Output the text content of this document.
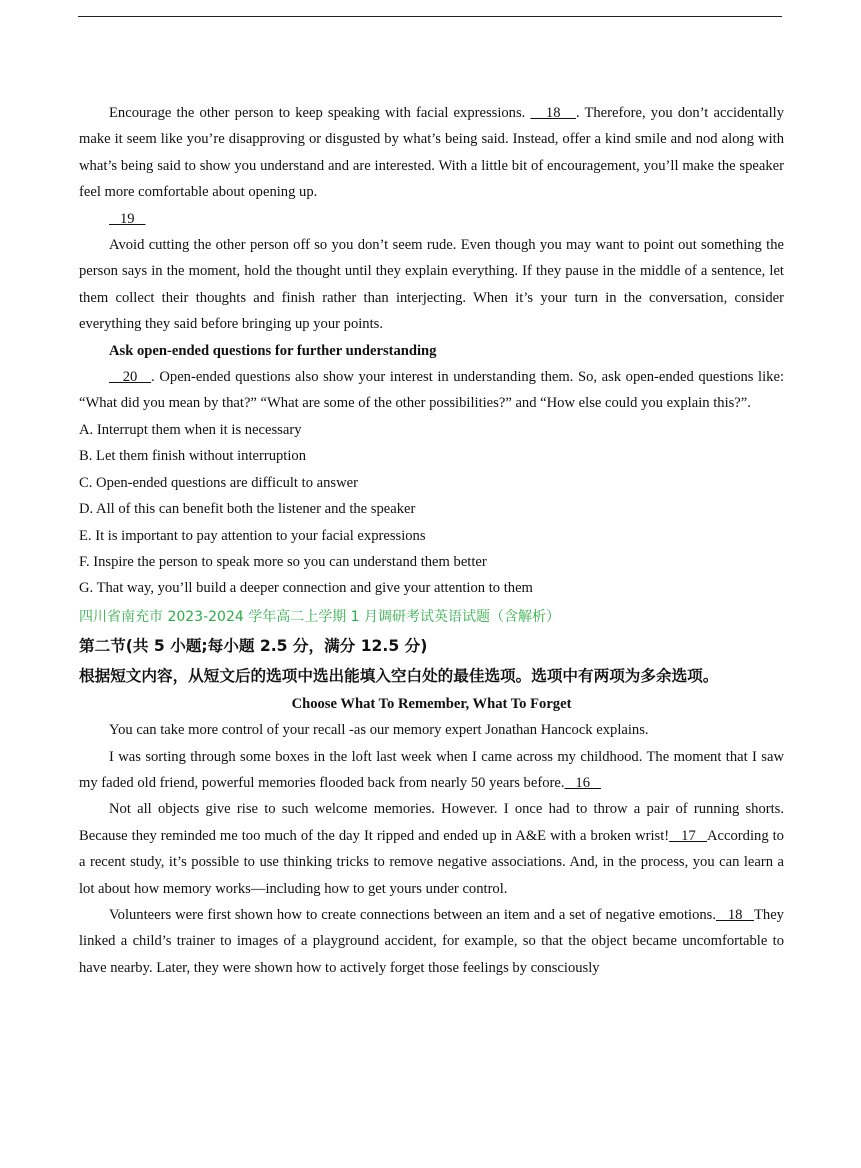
Encourage the other person to keep speaking with facial expressions.    18   . Therefore, you don’t accidentally make it seem like you’re disapproving or disgusted by what’s being said. Instead, offer a kind smile and nod along with what’s being said to show you understand and are interested. With a little bit of encouragement, you’ll make the speaker feel more comfortable about opening up.

19

Avoid cutting the other person off so you don’t seem rude. Even though you may want to point out something the person says in the moment, hold the thought until they explain everything. If they pause in the middle of a sentence, let them collect their thoughts and finish rather than interjecting. When it’s your turn in the conversation, consider everything they said before bringing up your points.

Ask open-ended questions for further understanding

20   . Open-ended questions also show your interest in understanding them. So, ask open-ended questions like: “What did you mean by that?” “What are some of the other possibilities?” and “How else could you explain this?”.

A. Interrupt them when it is necessary

B. Let them finish without interruption

C. Open-ended questions are difficult to answer

D. All of this can benefit both the listener and the speaker

E. It is important to pay attention to your facial expressions

F. Inspire the person to speak more so you can understand them better

G. That way, you’ll build a deeper connection and give your attention to them

四川省南充市 2023-2024 学年高二上学期 1 月调研考试英语试题（含解析）

第二节(共 5 小题;每小题 2.5 分，满分 12.5 分)

根据短文内容，从短文后的选项中选出能填入空白处的最佳选项。选项中有两项为多余选项。

Choose What To Remember, What To Forget

You can take more control of your recall -as our memory expert Jonathan Hancock explains.

I was sorting through some boxes in the loft last week when I came across my childhood. The moment that I saw my faded old friend, powerful memories flooded back from nearly 50 years before.   16

Not all objects give rise to such welcome memories. However. I once had to throw a pair of running shorts. Because they reminded me too much of the day It ripped and ended up in A&E with a broken wrist!   17   According to a recent study, it’s possible to use thinking tricks to remove negative associations. And, in the process, you can learn a lot about how memory works—including how to get yours under control.

Volunteers were first shown how to create connections between an item and a set of negative emotions.   18   They linked a child’s trainer to images of a playground accident, for example, so that the object became uncomfortable to have nearby. Later, they were shown how to actively forget those feelings by consciously
